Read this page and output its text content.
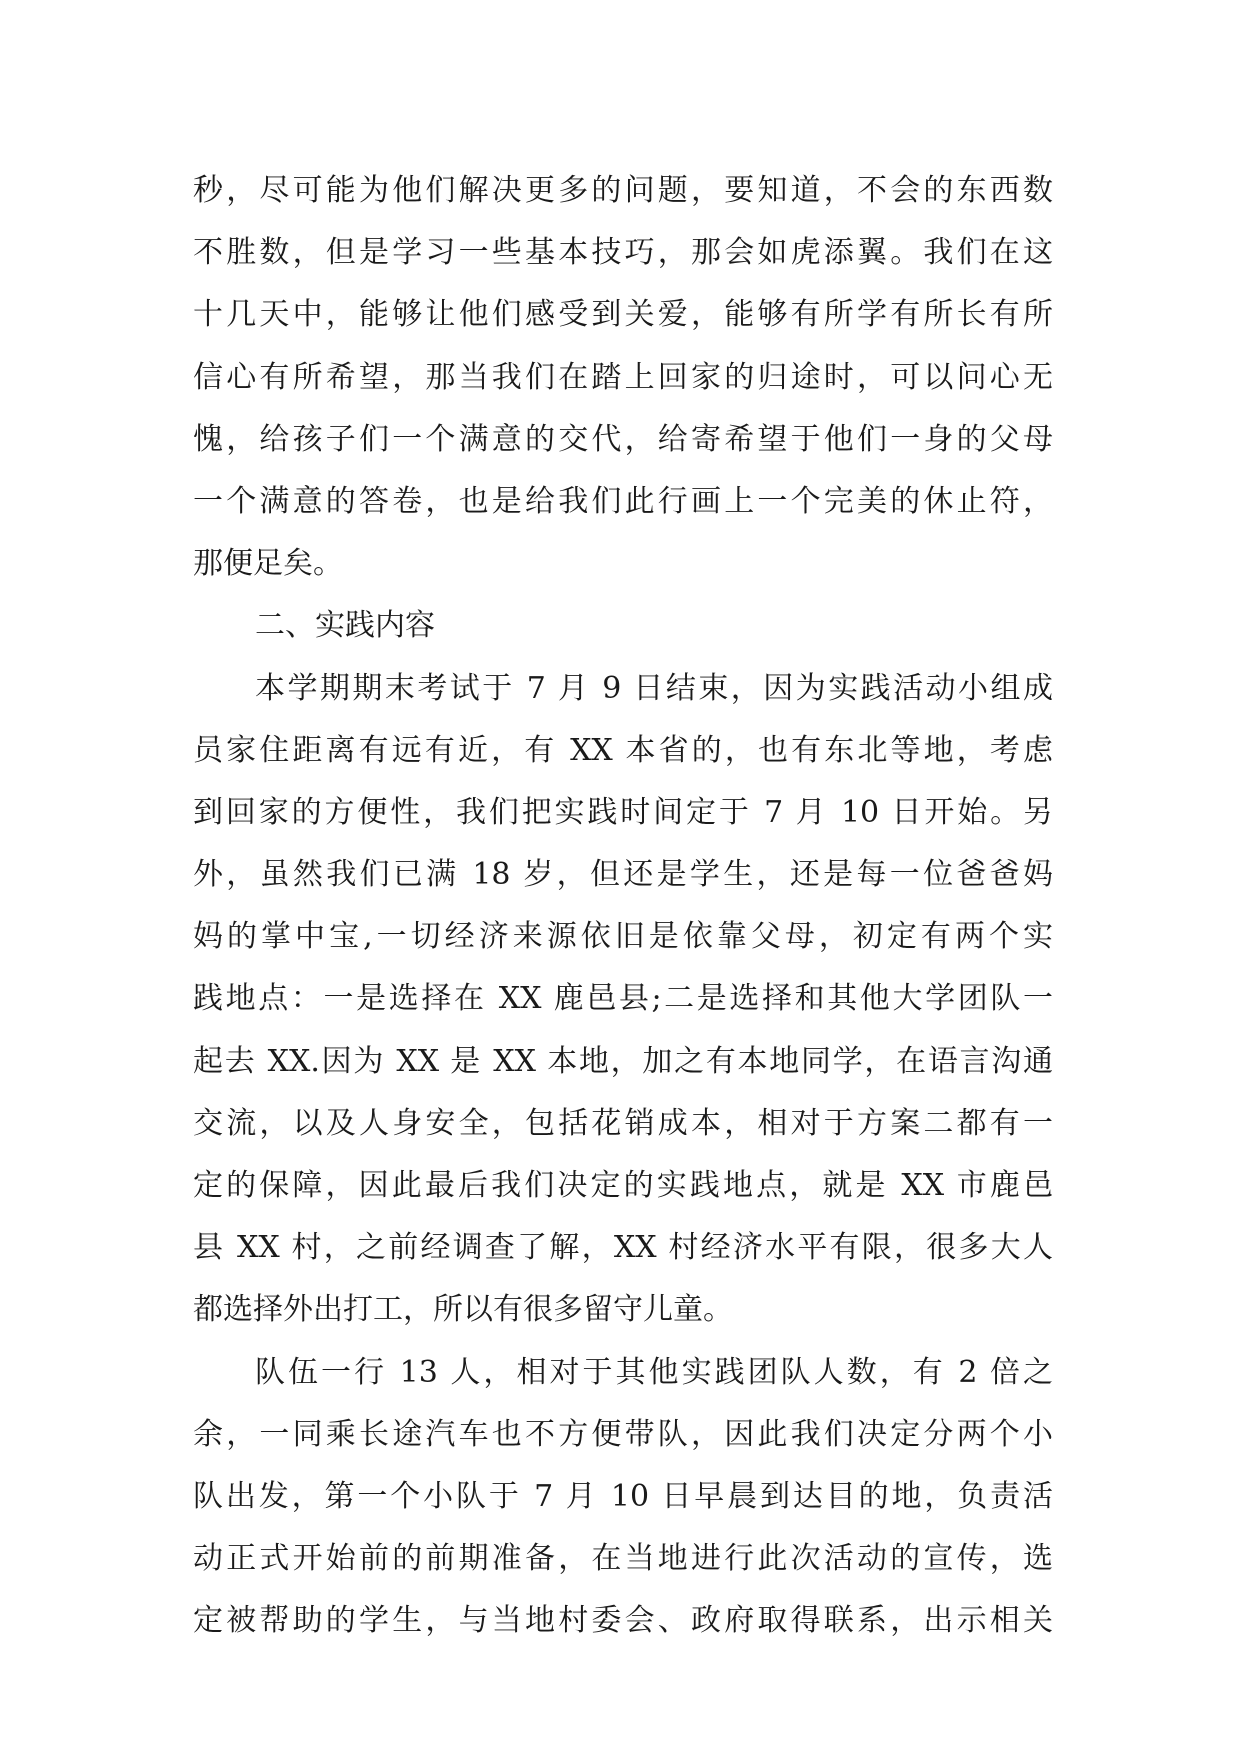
秒，尽可能为他们解决更多的问题，要知道，不会的东西数
不胜数，但是学习一些基本技巧，那会如虎添翼。我们在这
十几天中，能够让他们感受到关爱，能够有所学有所长有所
信心有所希望，那当我们在踏上回家的归途时，可以问心无
愧，给孩子们一个满意的交代，给寄希望于他们一身的父母
一个满意的答卷，也是给我们此行画上一个完美的休止符，
那便足矣。
二、实践内容
本学期期末考试于 7 月 9 日结束，因为实践活动小组成
员家住距离有远有近，有 XX 本省的，也有东北等地，考虑
到回家的方便性，我们把实践时间定于 7 月 10 日开始。另
外，虽然我们已满 18 岁，但还是学生，还是每一位爸爸妈
妈的掌中宝,一切经济来源依旧是依靠父母，初定有两个实
践地点：一是选择在 XX 鹿邑县;二是选择和其他大学团队一
起去 XX.因为 XX 是 XX 本地，加之有本地同学，在语言沟通
交流，以及人身安全，包括花销成本，相对于方案二都有一
定的保障，因此最后我们决定的实践地点，就是 XX 市鹿邑
县 XX 村，之前经调查了解，XX 村经济水平有限，很多大人
都选择外出打工，所以有很多留守儿童。
队伍一行 13 人，相对于其他实践团队人数，有 2 倍之
余，一同乘长途汽车也不方便带队，因此我们决定分两个小
队出发，第一个小队于 7 月 10 日早晨到达目的地，负责活
动正式开始前的前期准备，在当地进行此次活动的宣传，选
定被帮助的学生，与当地村委会、政府取得联系，出示相关
